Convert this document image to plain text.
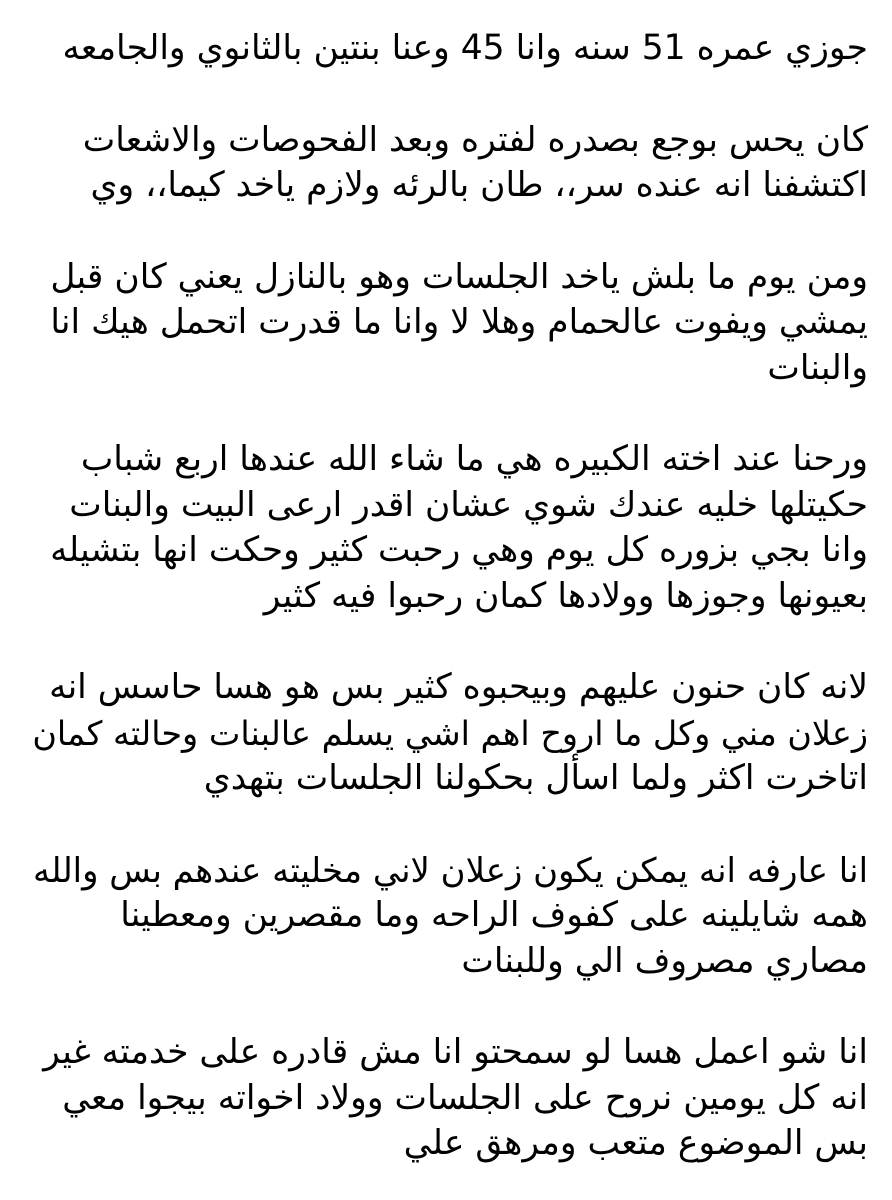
جوزي عمره 51 سنه وانا 45 وعنا بنتين بالثانوي والجامعه

كان يحس بوجع بصدره لفتره وبعد الفحوصات والاشعات
اكتشفنا انه عنده سر،، طان بالرئه ولازم ياخد كيما،، وي

ومن يوم ما بلش ياخد الجلسات وهو بالنازل يعني كان قبل
يمشي ويفوت عالحمام وهلا لا وانا ما قدرت اتحمل هيك انا
والبنات

ورحنا عند اخته الكبيره هي ما شاء الله عندها اربع شباب
حكيتلها خليه عندك شوي عشان اقدر ارعى البيت والبنات
وانا بجي بزوره كل يوم وهي رحبت كثير وحكت انها بتشيله
بعيونها وجوزها وولادها كمان رحبوا فيه كثير

لانه كان حنون عليهم وبيحبوه كثير بس هو هسا حاسس انه
زعلان مني وكل ما اروح اهم اشي يسلم عالبنات وحالته كمان
اتاخرت اكثر ولما اسأل بحكولنا الجلسات بتهدي

انا عارفه انه يمكن يكون زعلان لاني مخليته عندهم بس والله
همه شايلينه على كفوف الراحه وما مقصرين ومعطينا
مصاري مصروف الي وللبنات

انا شو اعمل هسا لو سمحتو انا مش قادره على خدمته غير
انه كل يومين نروح على الجلسات وولاد اخواته بيجوا معي
بس الموضوع متعب ومرهق علي
